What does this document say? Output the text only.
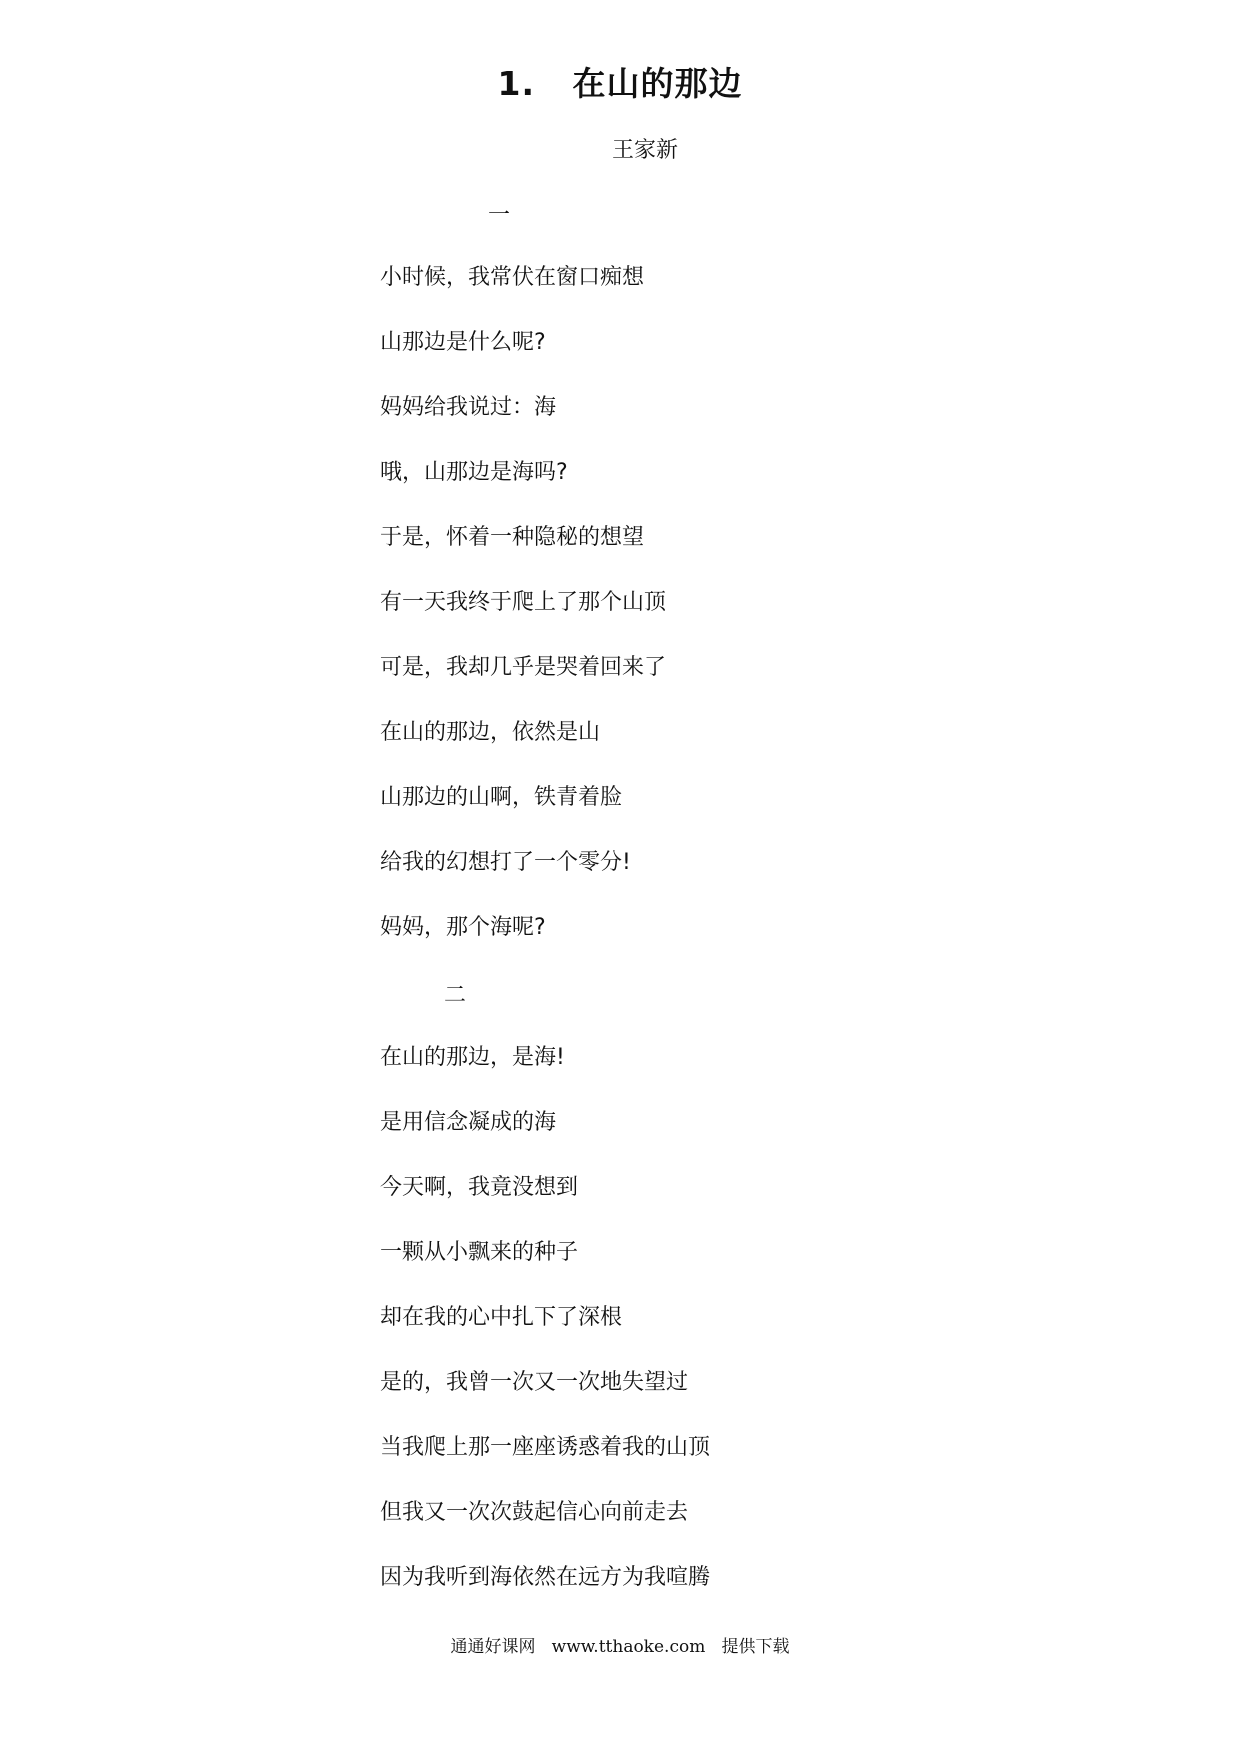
1.   在山的那边
王家新
一
小时候，我常伏在窗口痴想
山那边是什么呢?
妈妈给我说过：海
哦，山那边是海吗?
于是，怀着一种隐秘的想望
有一天我终于爬上了那个山顶
可是，我却几乎是哭着回来了
在山的那边，依然是山
山那边的山啊，铁青着脸
给我的幻想打了一个零分!
妈妈，那个海呢?
二
在山的那边，是海!
是用信念凝成的海
今天啊，我竟没想到
一颗从小飘来的种子
却在我的心中扎下了深根
是的，我曾一次又一次地失望过
当我爬上那一座座诱惑着我的山顶
但我又一次次鼓起信心向前走去
因为我听到海依然在远方为我喧腾
通通好课网   www.tthaoke.com   提供下载
